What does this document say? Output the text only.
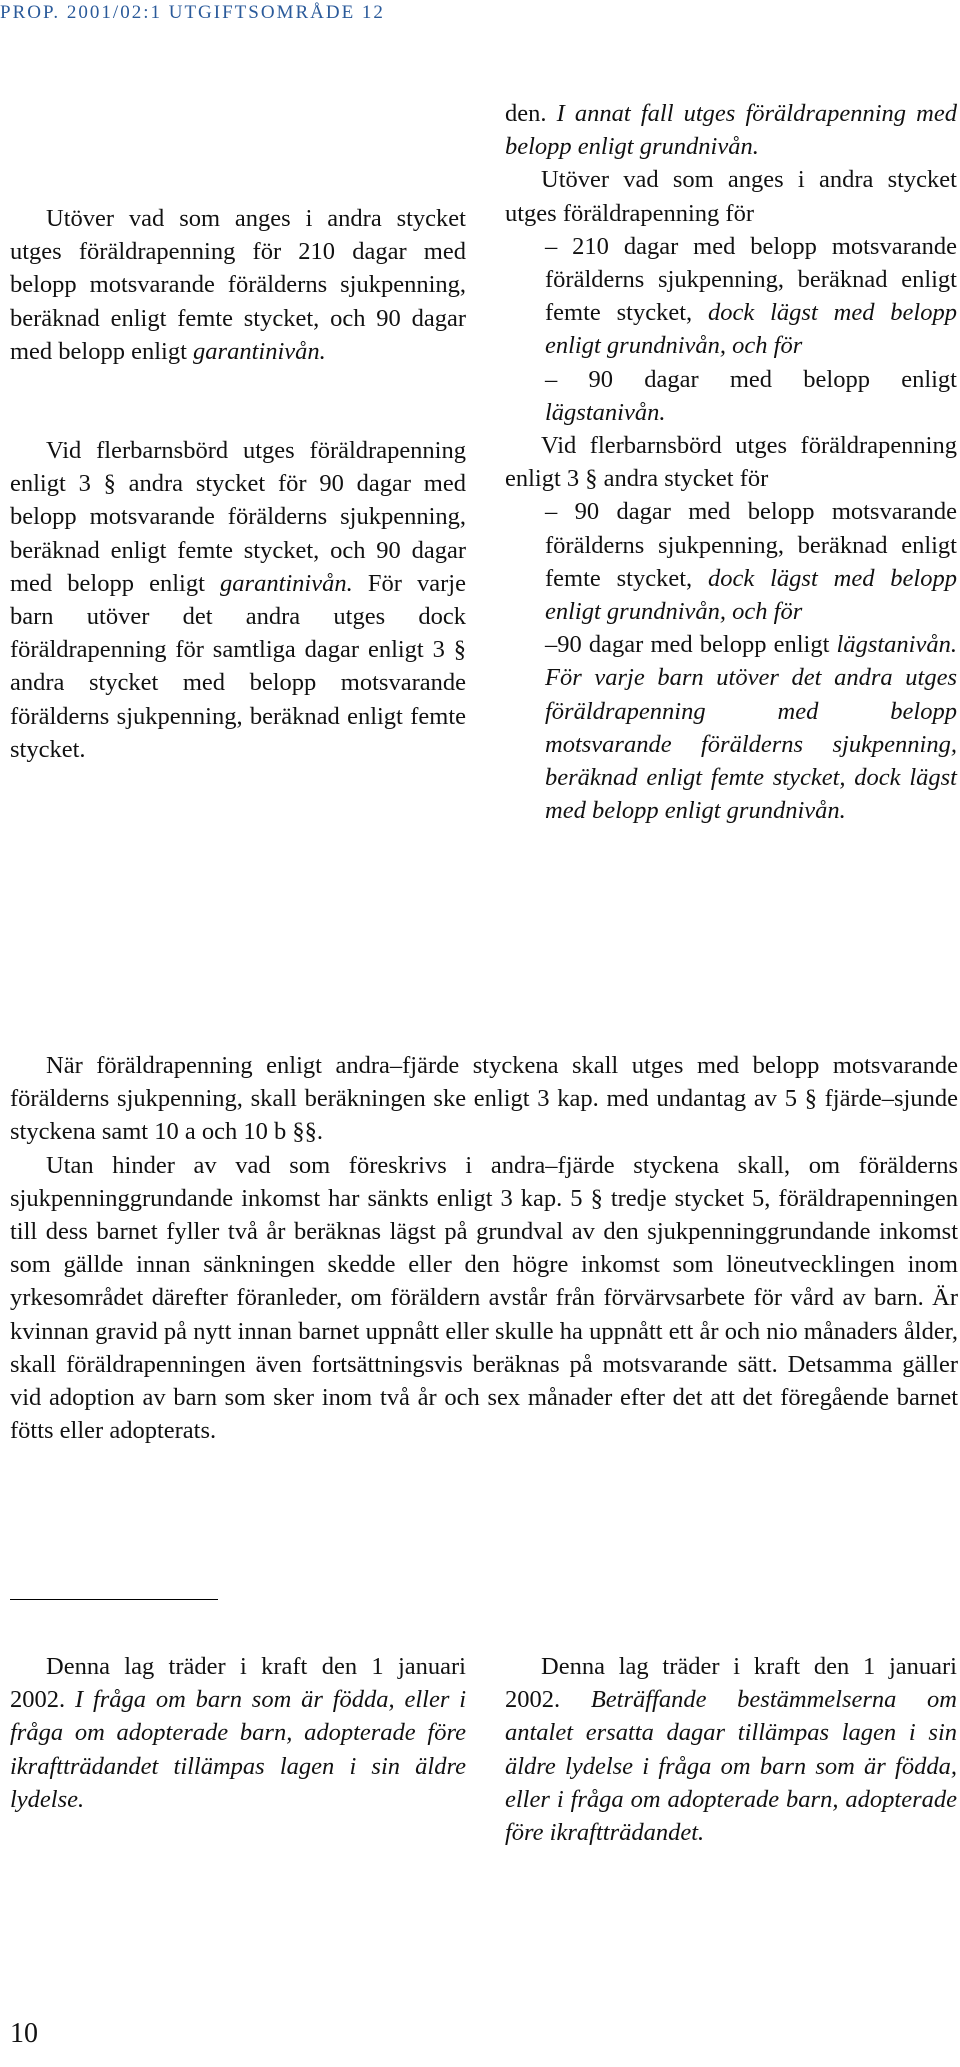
PROP. 2001/02:1 UTGIFTSOMRÅDE 12

Utöver vad som anges i andra stycket utges föräldrapenning för 210 dagar med belopp motsvarande förälderns sjukpenning, beräknad enligt femte stycket, och 90 dagar med belopp enligt garantinivån.

Vid flerbarnsbörd utges föräldrapenning enligt 3 § andra stycket för 90 dagar med belopp motsvarande förälderns sjukpenning, beräknad enligt femte stycket, och 90 dagar med belopp enligt garantinivån. För varje barn utöver det andra utges dock föräldrapenning för samtliga dagar enligt 3 § andra stycket med belopp motsvarande förälderns sjukpenning, beräknad enligt femte stycket.

den. I annat fall utges föräldrapenning med belopp enligt grundnivån.

Utöver vad som anges i andra stycket utges föräldrapenning för

– 210 dagar med belopp motsvarande förälderns sjukpenning, beräknad enligt femte stycket, dock lägst med belopp enligt grundnivån, och för

– 90 dagar med belopp enligt lägstanivån.

Vid flerbarnsbörd utges föräldrapenning enligt 3 § andra stycket för

– 90 dagar med belopp motsvarande förälderns sjukpenning, beräknad enligt femte stycket, dock lägst med belopp enligt grundnivån, och för

–90 dagar med belopp enligt lägstanivån. För varje barn utöver det andra utges föräldrapenning med belopp motsvarande förälderns sjukpenning, beräknad enligt femte stycket, dock lägst med belopp enligt grundnivån.

När föräldrapenning enligt andra–fjärde styckena skall utges med belopp motsvarande förälderns sjukpenning, skall beräkningen ske enligt 3 kap. med undantag av 5 § fjärde–sjunde styckena samt 10 a och 10 b §§.

Utan hinder av vad som föreskrivs i andra–fjärde styckena skall, om förälderns sjukpenninggrundande inkomst har sänkts enligt 3 kap. 5 § tredje stycket 5, föräldrapenningen till dess barnet fyller två år beräknas lägst på grundval av den sjukpenninggrundande inkomst som gällde innan sänkningen skedde eller den högre inkomst som löneutvecklingen inom yrkesområdet därefter föranleder, om föräldern avstår från förvärvsarbete för vård av barn. Är kvinnan gravid på nytt innan barnet uppnått eller skulle ha uppnått ett år och nio månaders ålder, skall föräldrapenningen även fortsättningsvis beräknas på motsvarande sätt. Detsamma gäller vid adoption av barn som sker inom två år och sex månader efter det att det föregående barnet fötts eller adopterats.

Denna lag träder i kraft den 1 januari 2002. I fråga om barn som är födda, eller i fråga om adopterade barn, adopterade före ikraftträdandet tillämpas lagen i sin äldre lydelse.

Denna lag träder i kraft den 1 januari 2002. Beträffande bestämmelserna om antalet ersatta dagar tillämpas lagen i sin äldre lydelse i fråga om barn som är födda, eller i fråga om adopterade barn, adopterade före ikraftträdandet.

10
